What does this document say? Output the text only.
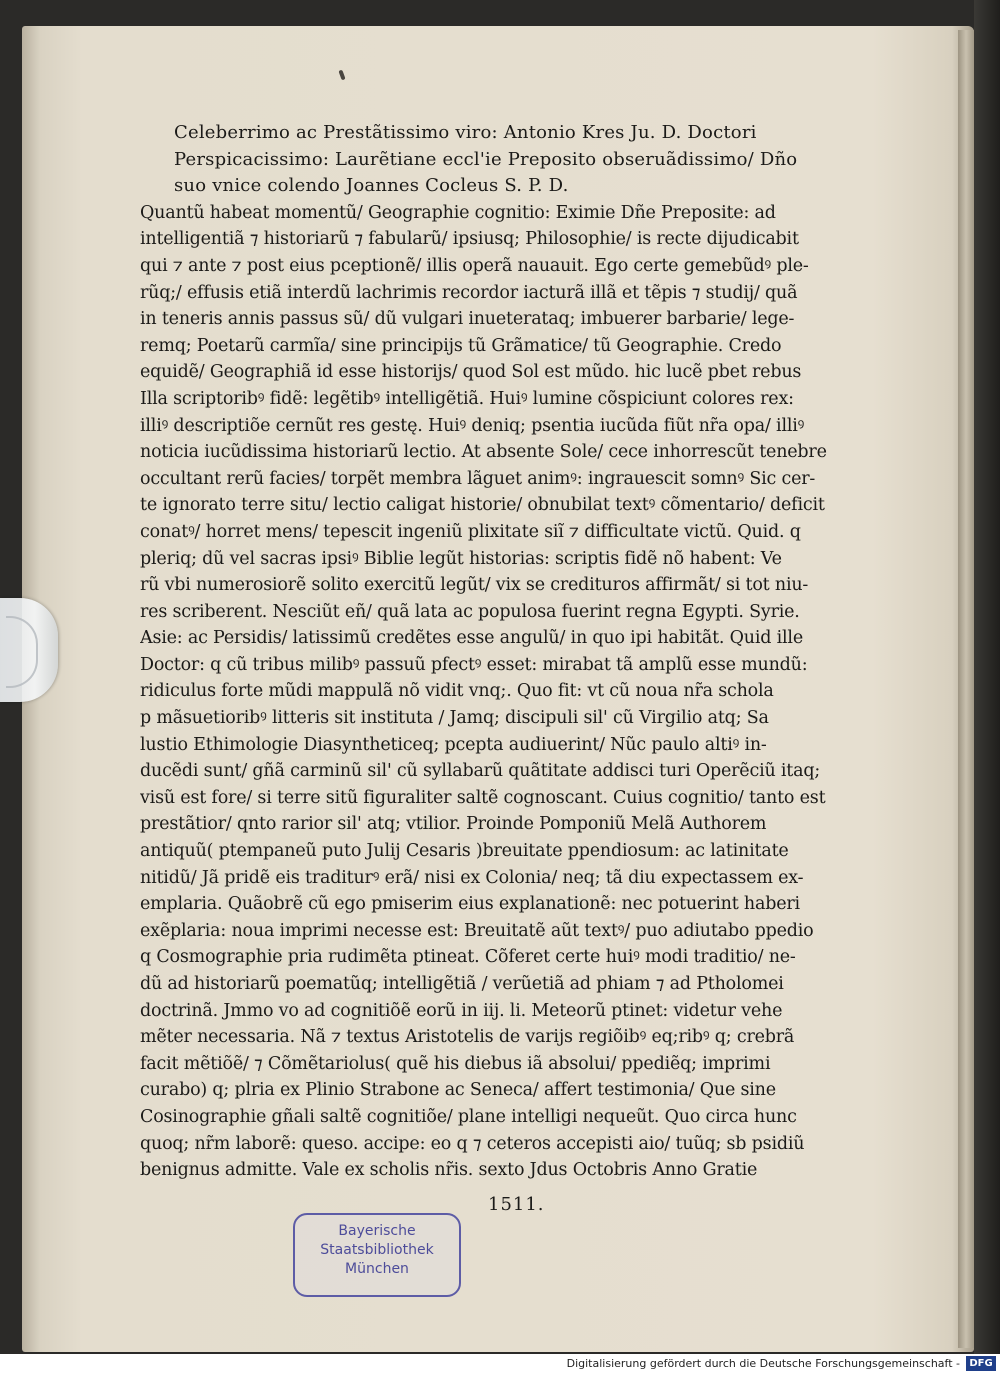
Celeberrimo ac Prestãtissimo viro: Antonio Kres Ju. D. Doctori
Perspicacissimo: Laurẽtiane eccl'ie Preposito obseruãdissimo/ Dño
suo vnice colendo Joannes Cocleus S. P. D.
Quantũ habeat momentũ/ Geographie cognitio: Eximie Dñe Preposite: ad
intelligentiã ⁊ historiarũ ⁊ fabularũ/ ipsiusq; Philosophie/ is recte dijudicabit
qui ⁊ ante ⁊ post eius pceptionẽ/ illis operã nauauit. Ego certe gemebũdꝰ ple-
rũq;/ effusis etiã interdũ lachrimis recordor iacturã illã et tẽpis ⁊ studij/ quã
in teneris annis passus sũ/ dũ vulgari inueterataq; imbuerer barbarie/ lege-
remq; Poetarũ carmĩa/ sine principijs tũ Grãmatice/ tũ Geographie. Credo
equidẽ/ Geographiã id esse historijs/ quod Sol est mũdo. hic lucẽ pbet rebus
Illa scriptoribꝰ fidẽ: legẽtibꝰ intelligẽtiã. Huiꝰ lumine cõspiciunt colores rex:
illiꝰ descriptiõe cernũt res gestę. Huiꝰ deniq; psentia iucũda fiũt nr̃a opa/ illiꝰ
noticia iucũdissima historiarũ lectio. At absente Sole/ cece inhorrescũt tenebre
occultant rerũ facies/ torpẽt membra lãguet animꝰ: ingrauescit somnꝰ Sic cer-
te ignorato terre situ/ lectio caligat historie/ obnubilat textꝰ cõmentario/ deficit
conatꝰ/ horret mens/ tepescit ingeniũ plixitate siĩ ⁊ difficultate victũ. Quid. q
pleriq; dũ vel sacras ipsiꝰ Biblie legũt historias: scriptis fidẽ nõ habent: Ve
rũ vbi numerosiorẽ solito exercitũ legũt/ vix se credituros affirmãt/ si tot niu-
res scriberent. Nesciũt eñ/ quã lata ac populosa fuerint regna Egypti. Syrie.
Asie: ac Persidis/ latissimũ credẽtes esse angulũ/ in quo ipi habitãt. Quid ille
Doctor: q cũ tribus milibꝰ passuũ pfectꝰ esset: mirabat tã amplũ esse mundũ:
ridiculus forte mũdi mappulã nõ vidit vnq;. Quo fit: vt cũ noua nr̃a schola
p mãsuetioribꝰ litteris sit instituta / Jamq; discipuli sil' cũ Virgilio atq; Sa
lustio Ethimologie Diasyntheticeq; pcepta audiuerint/ Nũc paulo altiꝰ in-
ducẽdi sunt/ gñã carminũ sil' cũ syllabarũ quãtitate addisci turi Operẽciũ itaq;
visũ est fore/ si terre sitũ figuraliter saltẽ cognoscant. Cuius cognitio/ tanto est
prestãtior/ qnto rarior sil' atq; vtilior. Proinde Pomponiũ Melã Authorem
antiquũ( ptempaneũ puto Julij Cesaris )breuitate ppendiosum: ac latinitate
nitidũ/ Jã pridẽ eis traditurꝰ erã/ nisi ex Colonia/ neq; tã diu expectassem ex-
emplaria. Quãobrẽ cũ ego pmiserim eius explanationẽ: nec potuerint haberi
exẽplaria: noua imprimi necesse est: Breuitatẽ aũt textꝰ/ puo adiutabo ppedio
q Cosmographie pria rudimẽta ptineat. Cõferet certe huiꝰ modi traditio/ ne-
dũ ad historiarũ poematũq; intelligẽtiã / verũetiã ad phiam ⁊ ad Ptholomei
doctrinã. Jmmo vo ad cognitiõẽ eorũ in iij. li. Meteorũ ptinet: videtur vehe
mẽter necessaria. Nã ⁊ textus Aristotelis de varijs regiõibꝰ eq;ribꝰ q; crebrã
facit mẽtiõẽ/ ⁊ Cõmẽtariolus( quẽ his diebus iã absolui/ ppediẽq; imprimi
curabo) q; plria ex Plinio Strabone ac Seneca/ affert testimonia/ Que sine
Cosinographie gñali saltẽ cognitiõe/ plane intelligi nequeũt. Quo circa hunc
quoq; nr̃m laborẽ: queso. accipe: eo q ⁊ ceteros accepisti aio/ tuũq; sb psidiũ
benignus admitte. Vale ex scholis nr̃is. sexto Jdus Octobris Anno Gratie
1511.
Bayerische
Staatsbibliothek
München
Digitalisierung gefördert durch die Deutsche Forschungsgemeinschaft - DFG
